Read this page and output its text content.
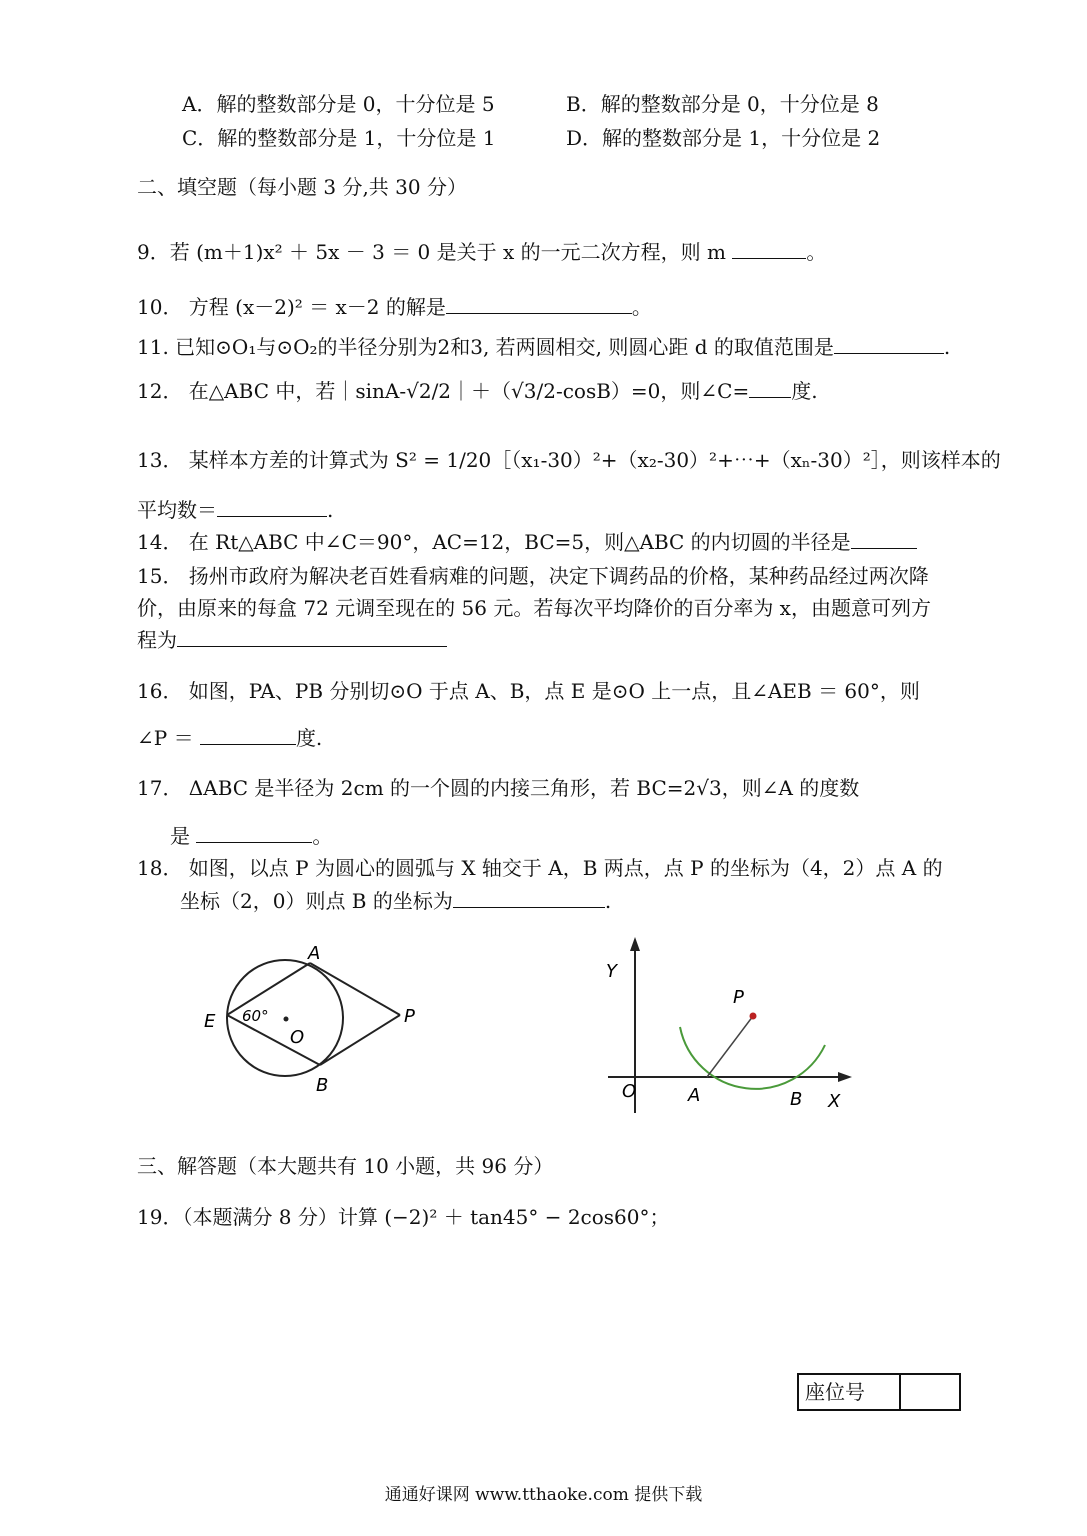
A．解的整数部分是 0，十分位是 5	B．解的整数部分是 0，十分位是 8
C．解的整数部分是 1，十分位是 1	D．解的整数部分是 1，十分位是 2
二、填空题（每小题 3 分,共 30 分）
9．若 (m＋1)x² ＋ 5x － 3 ＝ 0 是关于 x 的一元二次方程，则 m	。
10． 方程 (x－2)² ＝ x－2 的解是	。
11. 已知⊙O₁与⊙O₂的半径分别为2和3, 若两圆相交, 则圆心距 d 的取值范围是	.
12． 在△ABC 中，若｜sinA-√2/2｜＋（√3/2-cosB）=0，则∠C= 度.
13． 某样本方差的计算式为 S² = 1/20［（x₁-30）²+（x₂-30）²+⋯+（xₙ-30）²］，则该样本的
平均数＝	.
14． 在 Rt△ABC 中∠C＝90°，AC=12，BC=5，则△ABC 的内切圆的半径是
15． 扬州市政府为解决老百姓看病难的问题，决定下调药品的价格，某种药品经过两次降
价，由原来的每盒 72 元调至现在的 56 元。若每次平均降价的百分率为 x，由题意可列方
程为
16． 如图，PA、PB 分别切⊙O 于点 A、B，点 E 是⊙O 上一点，且∠AEB ＝ 60°，则
∠P ＝	度.
17． ΔABC 是半径为 2cm 的一个圆的内接三角形，若 BC=2√3，则∠A 的度数
是	。
18． 如图，以点 P 为圆心的圆弧与 X 轴交于 A，B 两点，点 P 的坐标为（4，2）点 A 的
坐标（2，0）则点 B 的坐标为	.
E
A
B
O
P
60°
Y
X
O	A	B
P
三、解答题（本大题共有 10 小题，共 96 分）
19．（本题满分 8 分）计算 (−2)² ＋ tan45° − 2cos60°；
座位号
通通好课网 www.tthaoke.com 提供下载
